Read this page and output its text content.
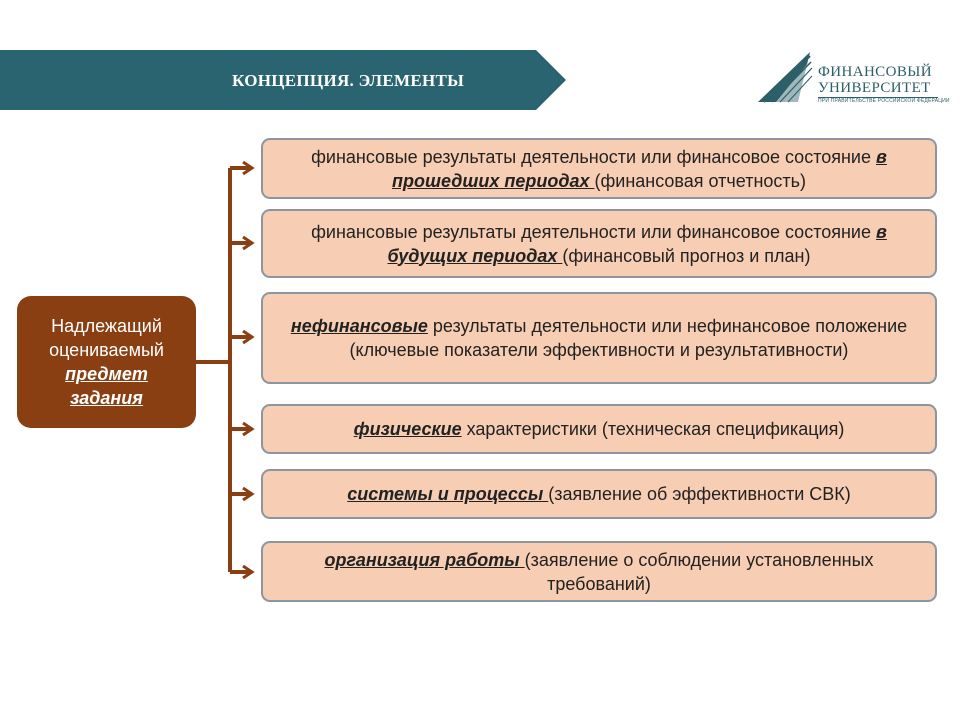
КОНЦЕПЦИЯ. ЭЛЕМЕНТЫ	ФИНАНСОВЫЙ
УНИВЕРСИТЕТ
ПРИ ПРАВИТЕЛЬСТВЕ РОССИЙСКОЙ ФЕДЕРАЦИИ
Надлежащий
оцениваемый
предмет
задания
финансовые результаты деятельности или финансовое состояние в прошедших периодах (финансовая отчетность)
финансовые результаты деятельности или финансовое состояние в будущих периодах (финансовый прогноз и план)
нефинансовые результаты деятельности или нефинансовое положение (ключевые показатели эффективности и результативности)
физические характеристики (техническая спецификация)
системы и процессы (заявление об эффективности СВК)
организация работы (заявление о соблюдении установленных требований)
